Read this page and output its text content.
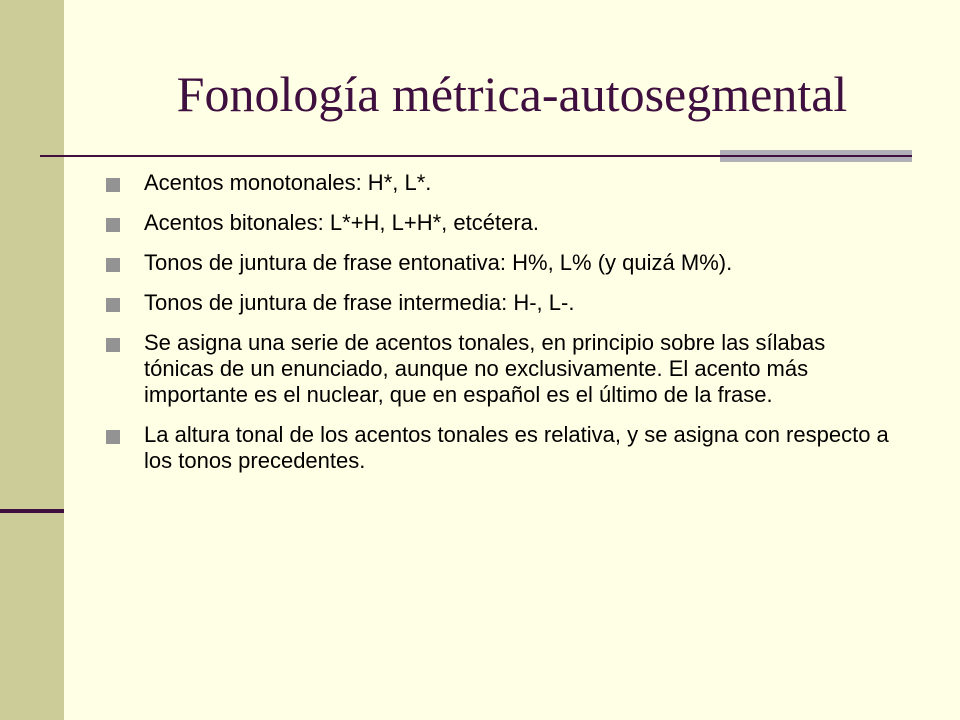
Fonología métrica-autosegmental
Acentos monotonales: H*, L*.
Acentos bitonales: L*+H, L+H*, etcétera.
Tonos de juntura de frase entonativa: H%, L% (y quizá M%).
Tonos de juntura de frase intermedia: H-, L-.
Se asigna una serie de acentos tonales, en principio sobre las sílabas tónicas de un enunciado, aunque no exclusivamente. El acento más importante es el nuclear, que en español es el último de la frase.
La altura tonal de los acentos tonales es relativa, y se asigna con respecto a los tonos precedentes.
